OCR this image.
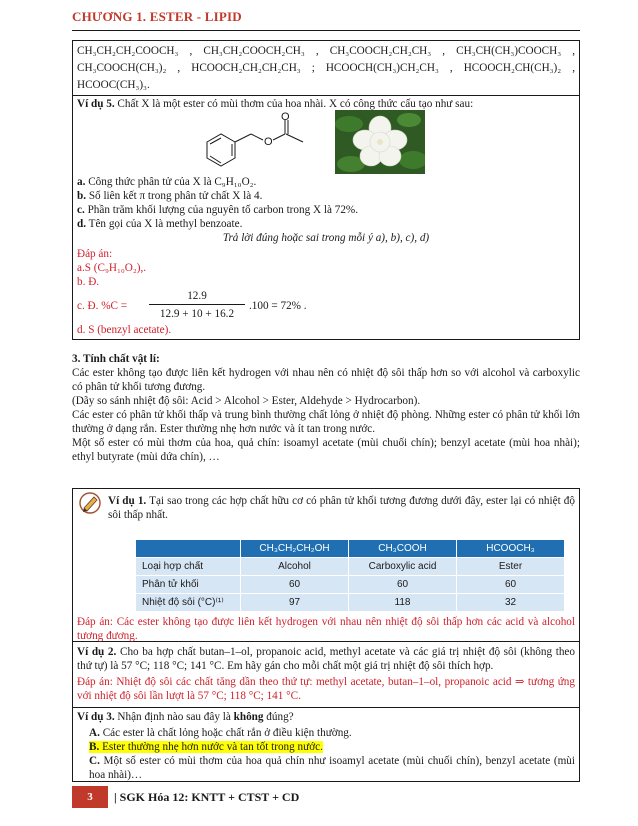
CHƯƠNG 1. ESTER - LIPID
CH₃CH₂CH₂COOCH₃ , CH₃CH₂COOCH₂CH₃ , CH₃COOCH₂CH₂CH₃ , CH₃CH(CH₃)COOCH₃ ,
CH₃COOCH(CH₃)₂ , HCOOCH₂CH₂CH₂CH₃ ; HCOOCH(CH₃)CH₂CH₃ , HCOOCH₂CH(CH₃)₂ ,
HCOOC(CH₃)₃.
Ví dụ 5. Chất X là một ester có mùi thơm của hoa nhài. X có công thức cấu tạo như sau:
O
O
a. Công thức phân tử của X là C₉H₁₀O₂.
b. Số liên kết π trong phân tử chất X là 4.
c. Phần trăm khối lượng của nguyên tố carbon trong X là 72%.
d. Tên gọi của X là methyl benzoate.
Trả lời đúng hoặc sai trong mỗi ý a), b), c), d)
Đáp án:
a.S (C₉H₁₀O₂),.
b. Đ.
c. Đ. %C =
12.9
12.9 + 10 + 16.2
.100 = 72% .
d. S (benzyl acetate).
3. Tính chất vật lí:
Các ester không tạo được liên kết hydrogen với nhau nên có nhiệt độ sôi thấp hơn so với alcohol và carboxylic có phân tử khối tương đương.
(Dãy so sánh nhiệt độ sôi: Acid > Alcohol > Ester, Aldehyde > Hydrocarbon).
Các ester có phân tử khối thấp và trung bình thường chất lỏng ở nhiệt độ phòng. Những ester có phân tử khối lớn thường ở dạng rắn. Ester thường nhẹ hơn nước và ít tan trong nước.
Một số ester có mùi thơm của hoa, quả chín: isoamyl acetate (mùi chuối chín); benzyl acetate (mùi hoa nhài); ethyl butyrate (mùi dứa chín), …
Ví dụ 1. Tại sao trong các hợp chất hữu cơ có phân tử khối tương đương dưới đây, ester lại có nhiệt độ sôi thấp nhất.
	CH₃CH₂CH₂OH	CH₃COOH	HCOOCH₃
Loại hợp chất	Alcohol	Carboxylic acid	Ester
Phân tử khối	60	60	60
Nhiệt độ sôi (°C)⁽¹⁾	97	118	32
Đáp án: Các ester không tạo được liên kết hydrogen với nhau nên nhiệt độ sôi thấp hơn các acid và alcohol tương đương.
Ví dụ 2. Cho ba hợp chất butan–1–ol, propanoic acid, methyl acetate và các giá trị nhiệt độ sôi (không theo thứ tự) là 57 °C; 118 °C; 141 °C. Em hãy gán cho mỗi chất một giá trị nhiệt độ sôi thích hợp.
Đáp án: Nhiệt độ sôi các chất tăng dần theo thứ tự: methyl acetate, butan–1–ol, propanoic acid ⇒ tương ứng với nhiệt độ sôi lần lượt là 57 °C; 118 °C; 141 °C.
Ví dụ 3. Nhận định nào sau đây là không đúng?
A. Các ester là chất lỏng hoặc chất rắn ở điều kiện thường.
B. Ester thường nhẹ hơn nước và tan tốt trong nước.
C. Một số ester có mùi thơm của hoa quả chín như isoamyl acetate (mùi chuối chín), benzyl acetate (mùi hoa nhài)…
3	| SGK Hóa 12: KNTT + CTST + CD
